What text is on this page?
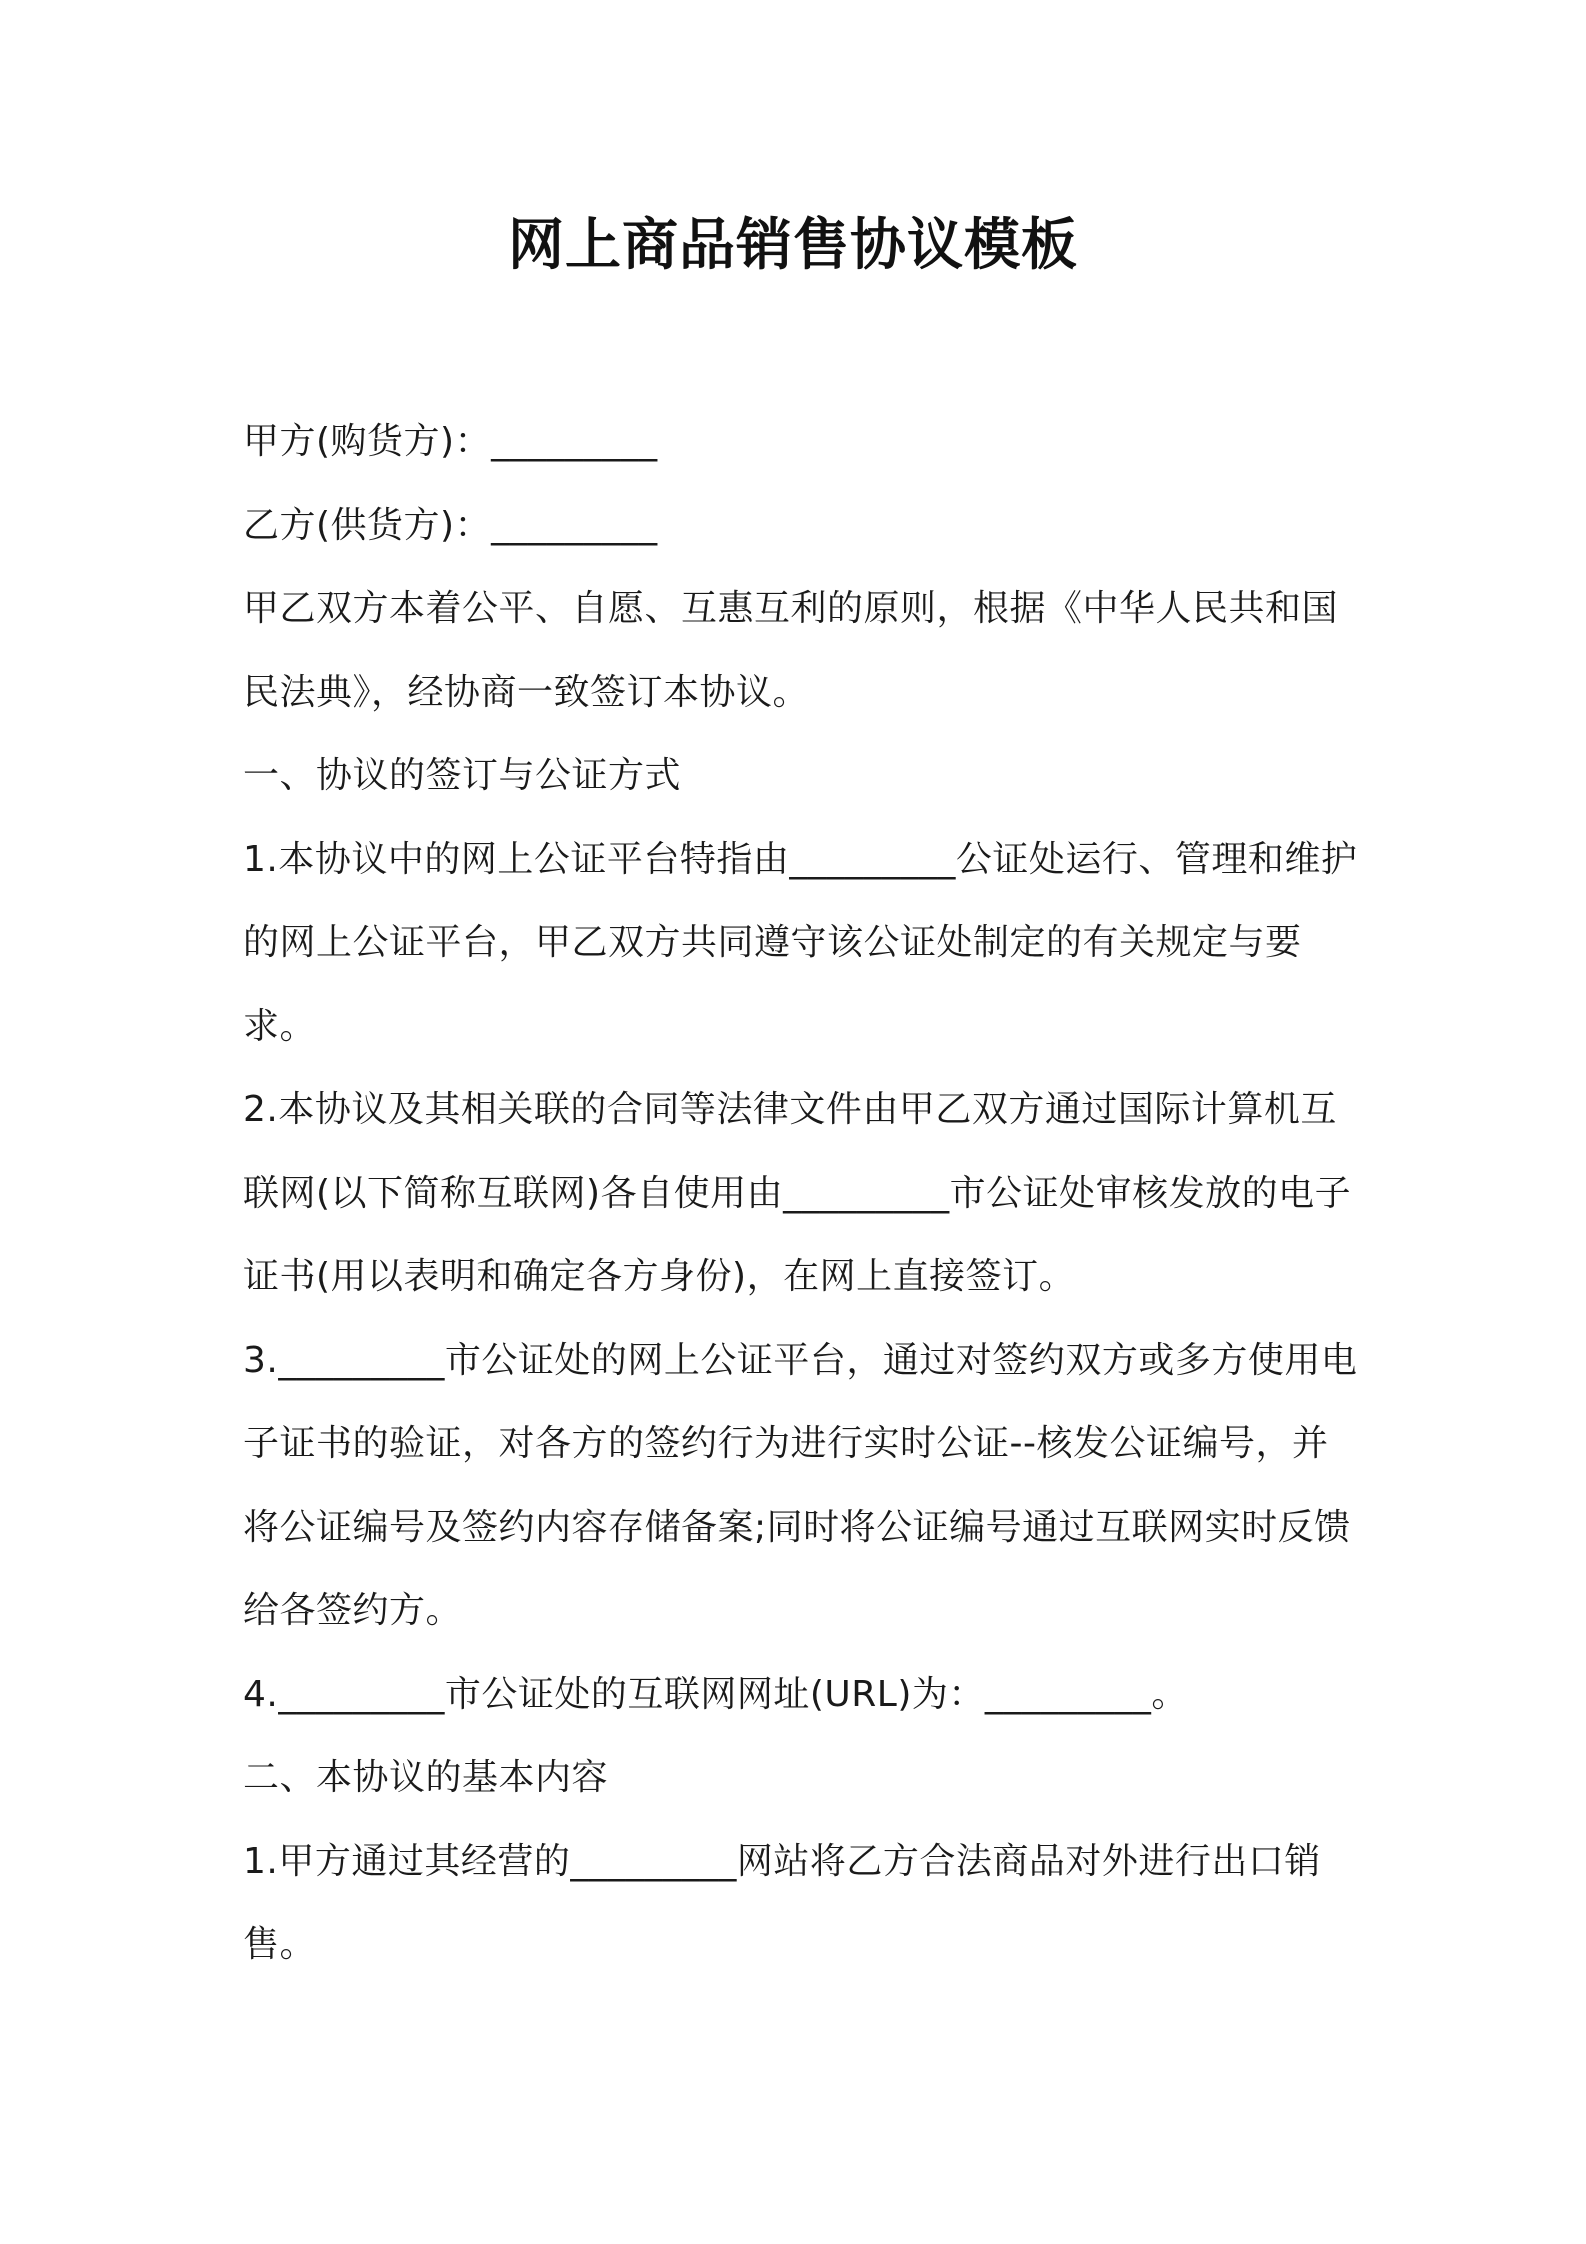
网上商品销售协议模板

甲方(购货方)：_________

乙方(供货方)：_________

甲乙双方本着公平、自愿、互惠互利的原则，根据《中华人民共和国民法典》，经协商一致签订本协议。

一、协议的签订与公证方式

1.本协议中的网上公证平台特指由_________公证处运行、管理和维护的网上公证平台，甲乙双方共同遵守该公证处制定的有关规定与要求。

2.本协议及其相关联的合同等法律文件由甲乙双方通过国际计算机互联网(以下简称互联网)各自使用由_________市公证处审核发放的电子证书(用以表明和确定各方身份)，在网上直接签订。

3._________市公证处的网上公证平台，通过对签约双方或多方使用电子证书的验证，对各方的签约行为进行实时公证--核发公证编号，并将公证编号及签约内容存储备案;同时将公证编号通过互联网实时反馈给各签约方。

4._________市公证处的互联网网址(URL)为：_________。

二、本协议的基本内容

1.甲方通过其经营的_________网站将乙方合法商品对外进行出口销售。
